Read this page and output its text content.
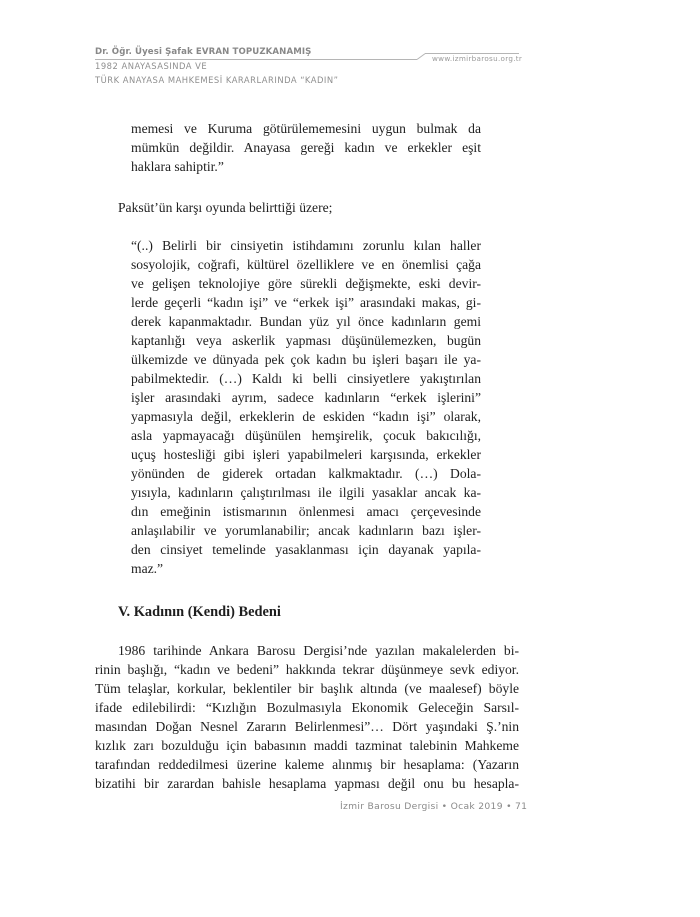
Dr. Öğr. Üyesi Şafak EVRAN TOPUZKANAMIŞ
1982 ANAYASASINDA VE
TÜRK ANAYASA MAHKEMESİ KARARLARINDA “KADIN”
www.izmirbarosu.org.tr
memesi ve Kuruma götürülememesini uygun bulmak da
mümkün değildir. Anayasa gereği kadın ve erkekler eşit
haklara sahiptir.”

Paksüt’ün karşı oyunda belirttiği üzere;

“(..) Belirli bir cinsiyetin istihdamını zorunlu kılan haller
sosyolojik, coğrafi, kültürel özelliklere ve en önemlisi çağa
ve gelişen teknolojiye göre sürekli değişmekte, eski devir-
lerde geçerli “kadın işi” ve “erkek işi” arasındaki makas, gi-
derek kapanmaktadır. Bundan yüz yıl önce kadınların gemi
kaptanlığı veya askerlik yapması düşünülemezken, bugün
ülkemizde ve dünyada pek çok kadın bu işleri başarı ile ya-
pabilmektedir. (…) Kaldı ki belli cinsiyetlere yakıştırılan
işler arasındaki ayrım, sadece kadınların “erkek işlerini”
yapmasıyla değil, erkeklerin de eskiden “kadın işi” olarak,
asla yapmayacağı düşünülen hemşirelik, çocuk bakıcılığı,
uçuş hostesliği gibi işleri yapabilmeleri karşısında, erkekler
yönünden de giderek ortadan kalkmaktadır. (…) Dola-
yısıyla, kadınların çalıştırılması ile ilgili yasaklar ancak ka-
dın emeğinin istismarının önlenmesi amacı çerçevesinde
anlaşılabilir ve yorumlanabilir; ancak kadınların bazı işler-
den cinsiyet temelinde yasaklanması için dayanak yapıla-
maz.”
V. Kadının (Kendi) Bedeni
1986 tarihinde Ankara Barosu Dergisi’nde yazılan makalelerden bi-
rinin başlığı, “kadın ve bedeni” hakkında tekrar düşünmeye sevk ediyor.
Tüm telaşlar, korkular, beklentiler bir başlık altında (ve maalesef) böyle
ifade edilebilirdi: “Kızlığın Bozulmasıyla Ekonomik Geleceğin Sarsıl-
masından Doğan Nesnel Zararın Belirlenmesi”… Dört yaşındaki Ş.’nin
kızlık zarı bozulduğu için babasının maddi tazminat talebinin Mahkeme
tarafından reddedilmesi üzerine kaleme alınmış bir hesaplama: (Yazarın
bizatihi bir zarardan bahisle hesaplama yapması değil onu bu hesapla-
İzmir Barosu Dergisi • Ocak 2019 • 71
